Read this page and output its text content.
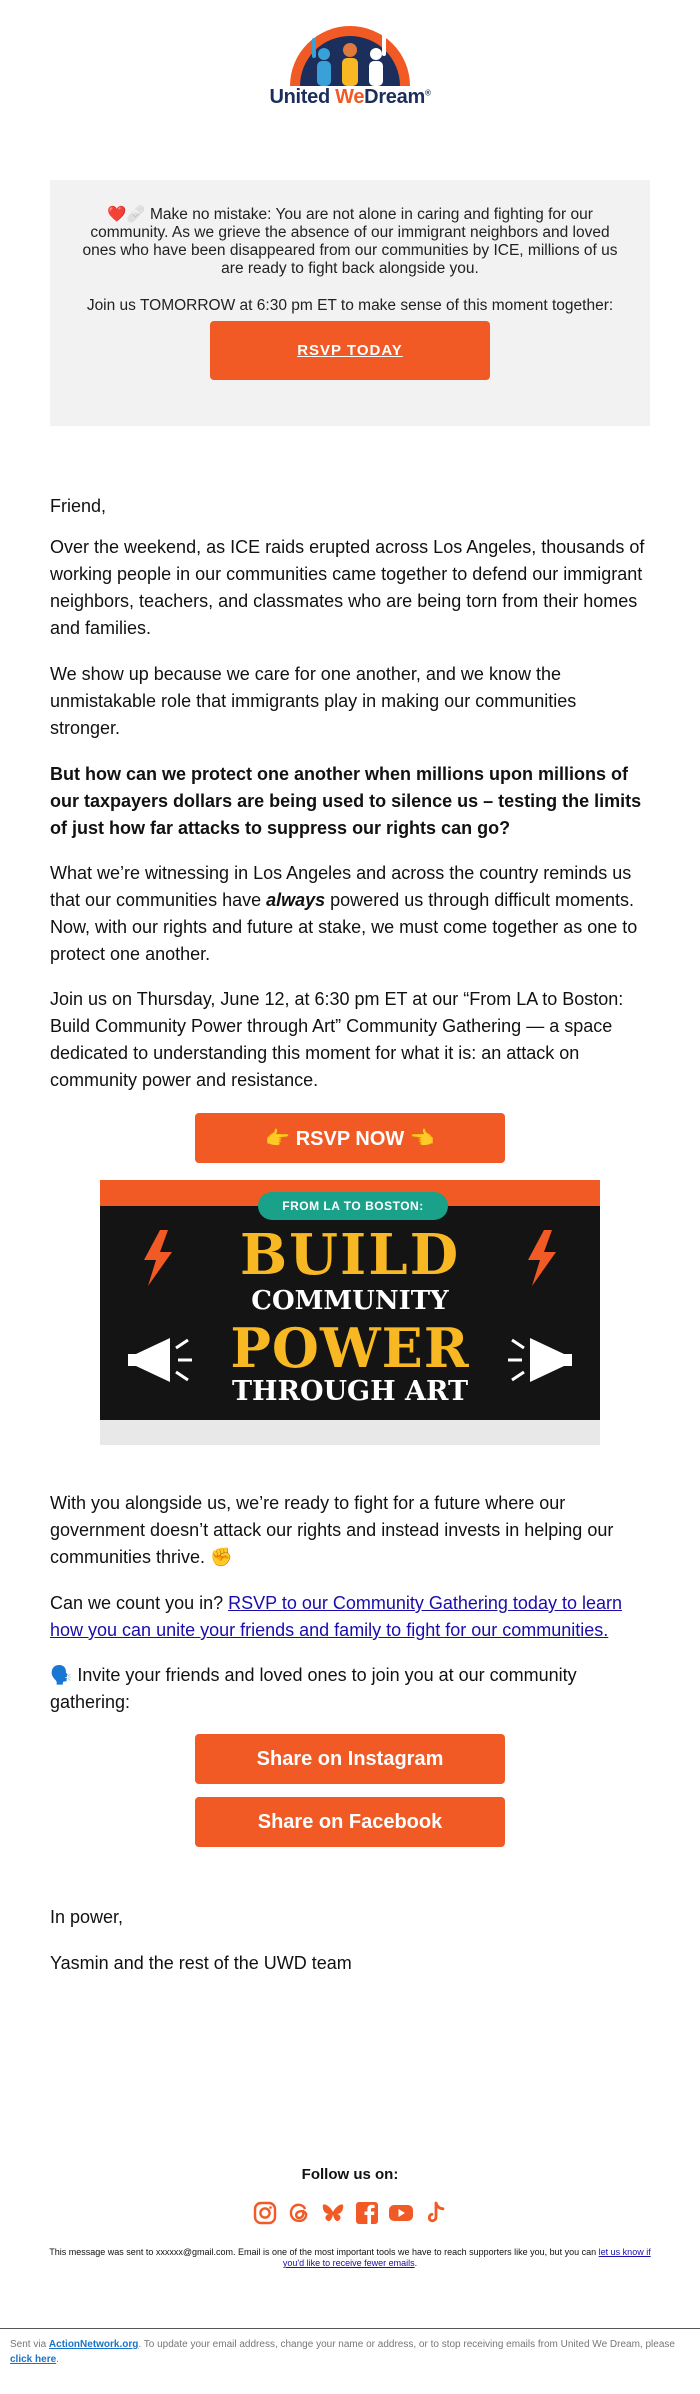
United WeDream®
❤️🩹 Make no mistake: You are not alone in caring and fighting for our community. As we grieve the absence of our immigrant neighbors and loved ones who have been disappeared from our communities by ICE, millions of us are ready to fight back alongside you.
Join us TOMORROW at 6:30 pm ET to make sense of this moment together:
RSVP TODAY
Friend,
Over the weekend, as ICE raids erupted across Los Angeles, thousands of working people in our communities came together to defend our immigrant neighbors, teachers, and classmates who are being torn from their homes and families.
We show up because we care for one another, and we know the unmistakable role that immigrants play in making our communities stronger.
But how can we protect one another when millions upon millions of our taxpayers dollars are being used to silence us – testing the limits of just how far attacks to suppress our rights can go?
What we’re witnessing in Los Angeles and across the country reminds us that our communities have always powered us through difficult moments. Now, with our rights and future at stake, we must come together as one to protect one another.
Join us on Thursday, June 12, at 6:30 pm ET at our “From LA to Boston: Build Community Power through Art” Community Gathering — a space dedicated to understanding this moment for what it is: an attack on community power and resistance.
👉 RSVP NOW 👈
FROM LA TO BOSTON:
BUILD
COMMUNITY
POWER
THROUGH ART
With you alongside us, we’re ready to fight for a future where our government doesn’t attack our rights and instead invests in helping our communities thrive. ✊
Can we count you in? RSVP to our Community Gathering today to learn how you can unite your friends and family to fight for our communities.
🗣️ Invite your friends and loved ones to join you at our community gathering:
Share on Instagram
Share on Facebook
In power,
Yasmin and the rest of the UWD team
Follow us on:
This message was sent to xxxxxx@gmail.com. Email is one of the most important tools we have to reach supporters like you, but you can let us know if you'd like to receive fewer emails.
Sent via ActionNetwork.org. To update your email address, change your name or address, or to stop receiving emails from United We Dream, please click here.
